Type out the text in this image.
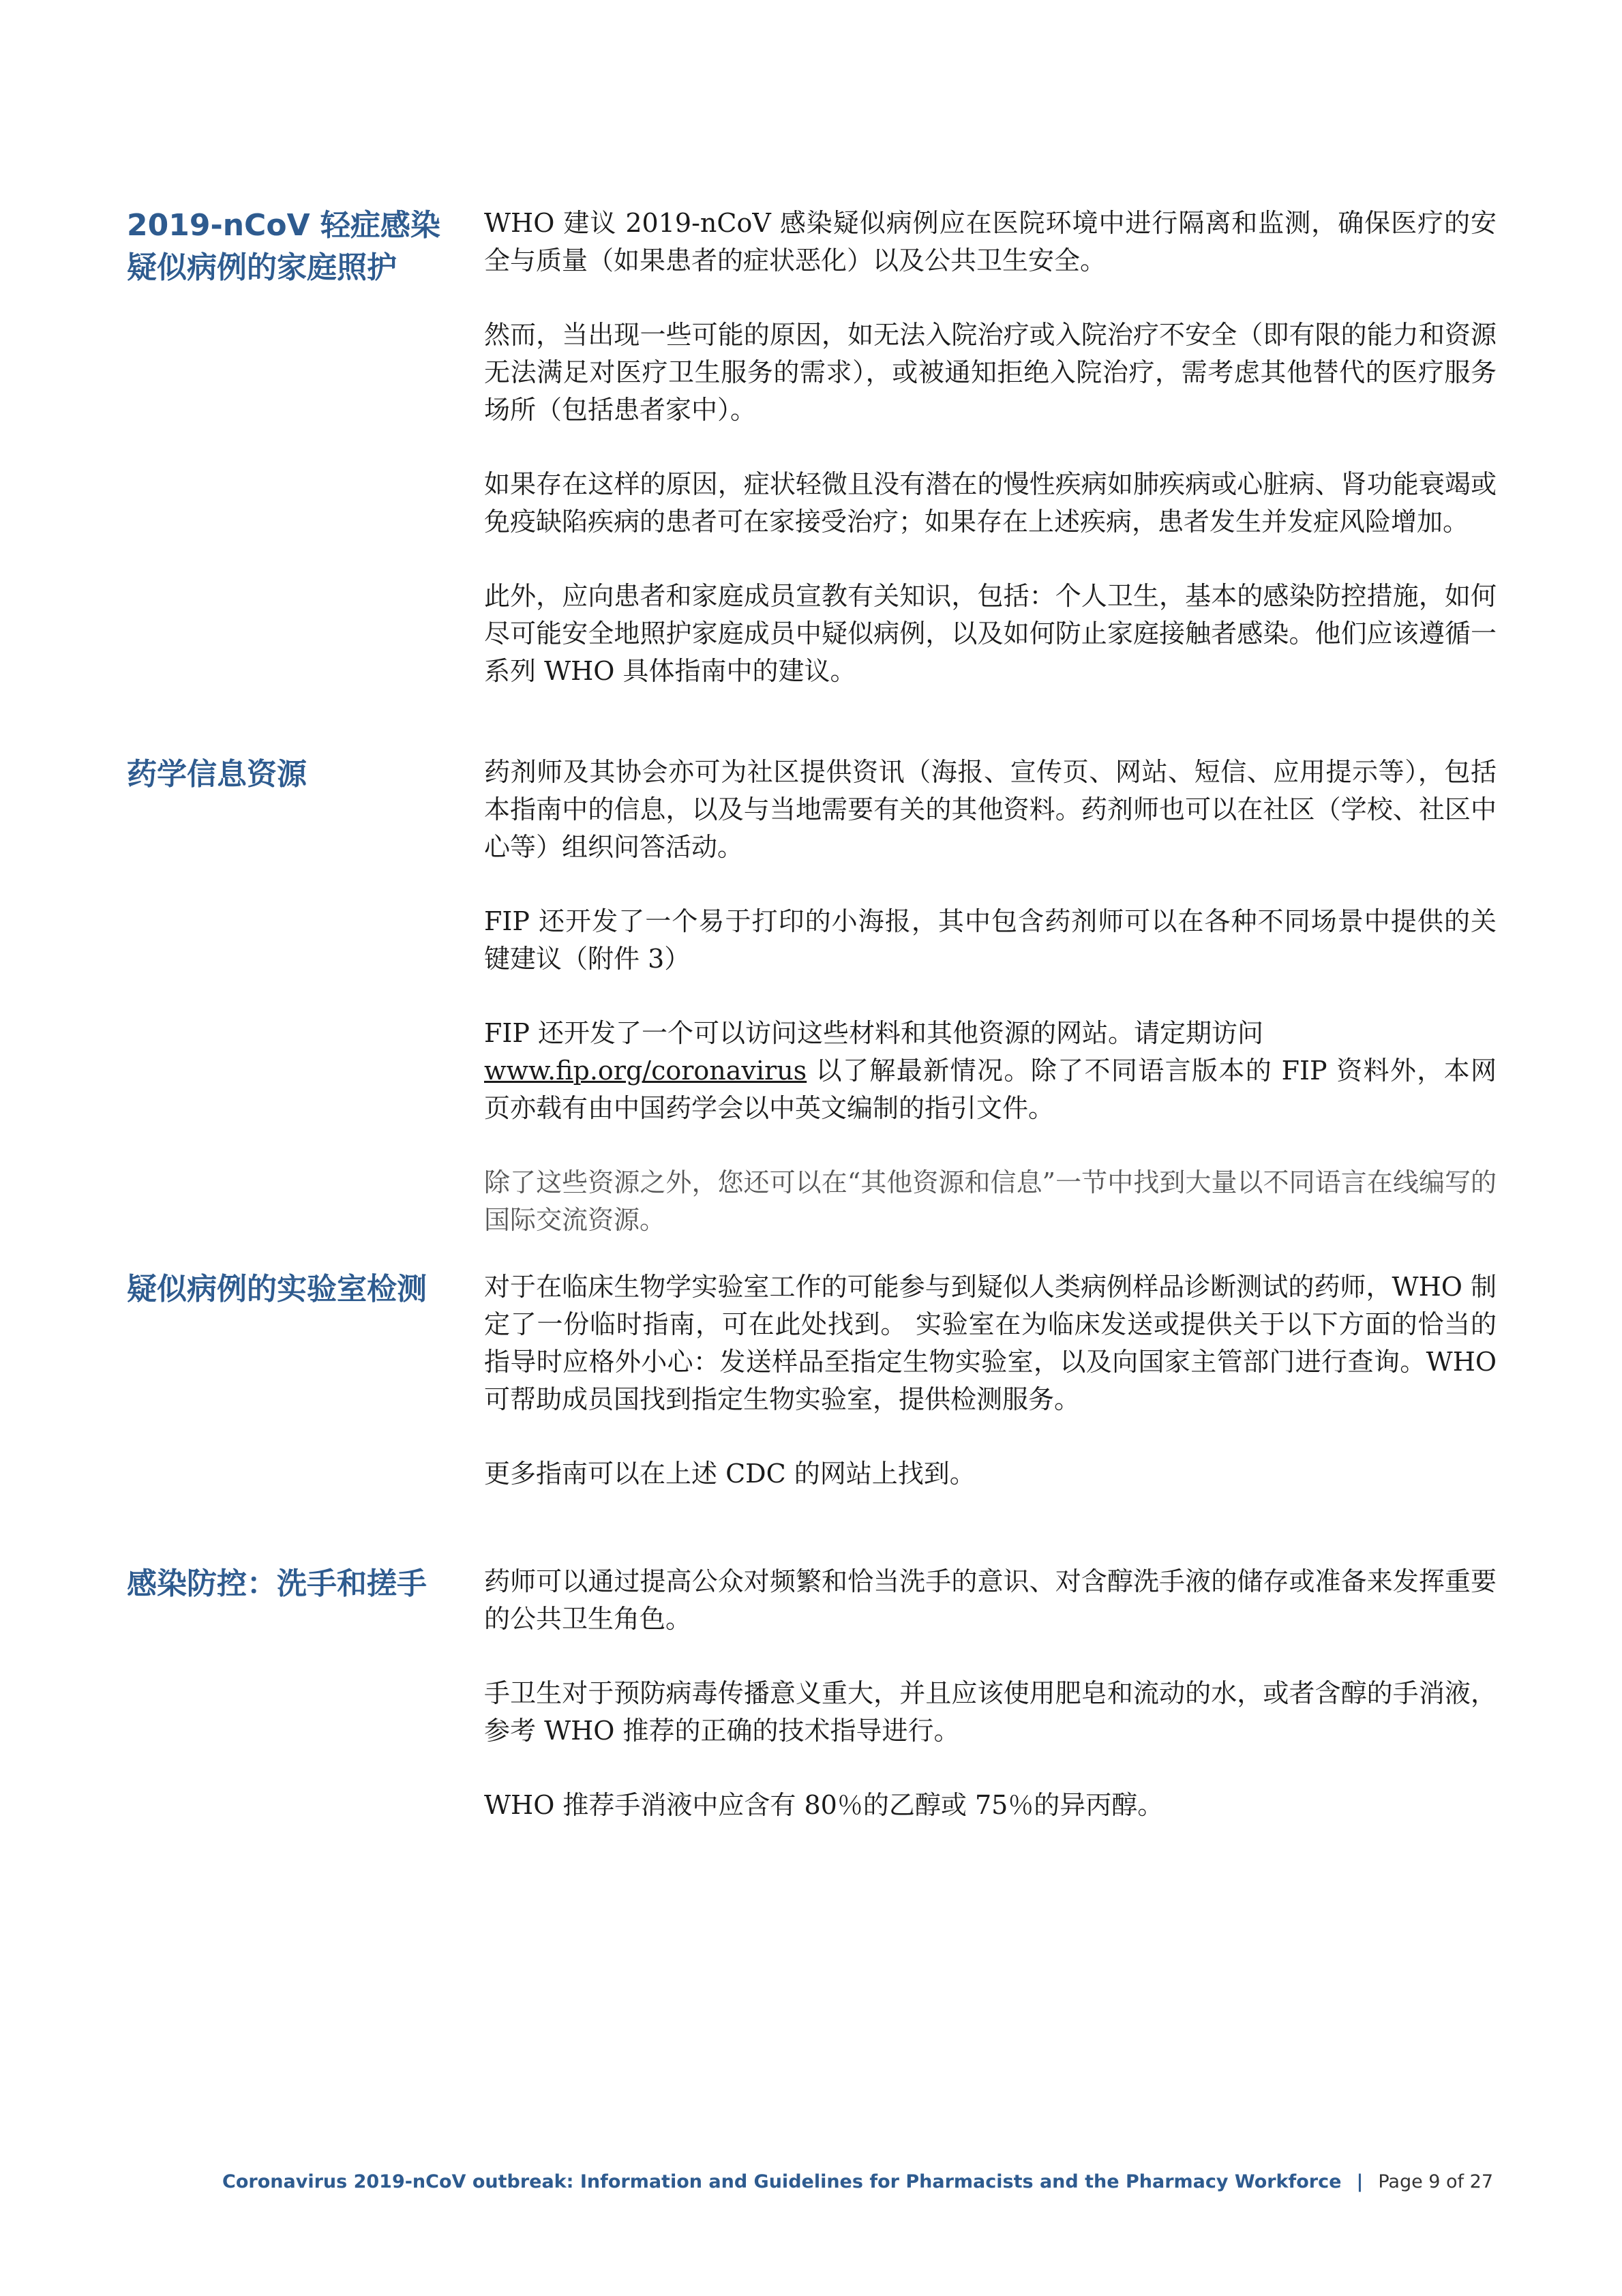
2019-nCoV 轻症感染疑似病例的家庭照护

WHO 建议 2019-nCoV 感染疑似病例应在医院环境中进行隔离和监测，确保医疗的安全与质量（如果患者的症状恶化）以及公共卫生安全。

然而，当出现一些可能的原因，如无法入院治疗或入院治疗不安全（即有限的能力和资源无法满足对医疗卫生服务的需求），或被通知拒绝入院治疗，需考虑其他替代的医疗服务场所（包括患者家中）。

如果存在这样的原因，症状轻微且没有潜在的慢性疾病如肺疾病或心脏病、肾功能衰竭或免疫缺陷疾病的患者可在家接受治疗；如果存在上述疾病，患者发生并发症风险增加。

此外，应向患者和家庭成员宣教有关知识，包括：个人卫生，基本的感染防控措施，如何尽可能安全地照护家庭成员中疑似病例，以及如何防止家庭接触者感染。他们应该遵循一系列 WHO 具体指南中的建议。

药学信息资源	药剂师及其协会亦可为社区提供资讯（海报、宣传页、网站、短信、应用提示等），包括本指南中的信息，以及与当地需要有关的其他资料。药剂师也可以在社区（学校、社区中心等）组织问答活动。

FIP 还开发了一个易于打印的小海报，其中包含药剂师可以在各种不同场景中提供的关键建议（附件 3）

FIP 还开发了一个可以访问这些材料和其他资源的网站。请定期访问
www.fip.org/coronavirus 以了解最新情况。除了不同语言版本的 FIP 资料外，本网页亦载有由中国药学会以中英文编制的指引文件。

除了这些资源之外，您还可以在“其他资源和信息”一节中找到大量以不同语言在线编写的国际交流资源。

疑似病例的实验室检测	对于在临床生物学实验室工作的可能参与到疑似人类病例样品诊断测试的药师，WHO 制定了一份临时指南，可在此处找到。 实验室在为临床发送或提供关于以下方面的恰当的指导时应格外小心：发送样品至指定生物实验室，以及向国家主管部门进行查询。WHO 可帮助成员国找到指定生物实验室，提供检测服务。

更多指南可以在上述 CDC 的网站上找到。

感染防控：洗手和搓手	药师可以通过提高公众对频繁和恰当洗手的意识、对含醇洗手液的储存或准备来发挥重要的公共卫生角色。

手卫生对于预防病毒传播意义重大，并且应该使用肥皂和流动的水，或者含醇的手消液，参考 WHO 推荐的正确的技术指导进行。

WHO 推荐手消液中应含有 80％的乙醇或 75％的异丙醇。

Coronavirus 2019-nCoV outbreak: Information and Guidelines for Pharmacists and the Pharmacy Workforce | Page 9 of 27
